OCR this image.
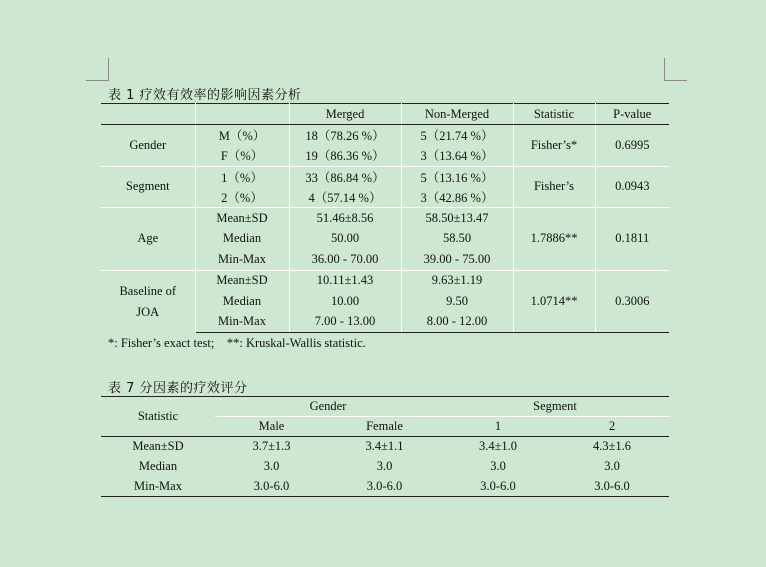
表 1 疗效有效率的影响因素分析
		Merged	Non-Merged	Statistic	P-value
Gender	M（%）	18（78.26 %）	5（21.74 %）	Fisher’s*	0.6995
	F（%）	19（86.36 %）	3（13.64 %）		
Segment	1（%）	33（86.84 %）	5（13.16 %）	Fisher’s	0.0943
	2（%）	4（57.14 %）	3（42.86 %）		
Age	Mean±SD	51.46±8.56	58.50±13.47	1.7886**	0.1811
	Median	50.00	58.50		
	Min-Max	36.00 - 70.00	39.00 - 75.00		
Baseline of
JOA	Mean±SD	10.11±1.43	9.63±1.19	1.0714**	0.3006
	Median	10.00	9.50		
	Min-Max	7.00 - 13.00	8.00 - 12.00		
*: Fisher’s exact test;    **: Kruskal-Wallis statistic.
表 7 分因素的疗效评分
Statistic	Gender		Segment	
	Male	Female	1	2
Mean±SD	3.7±1.3	3.4±1.1	3.4±1.0	4.3±1.6
Median	3.0	3.0	3.0	3.0
Min-Max	3.0-6.0	3.0-6.0	3.0-6.0	3.0-6.0
